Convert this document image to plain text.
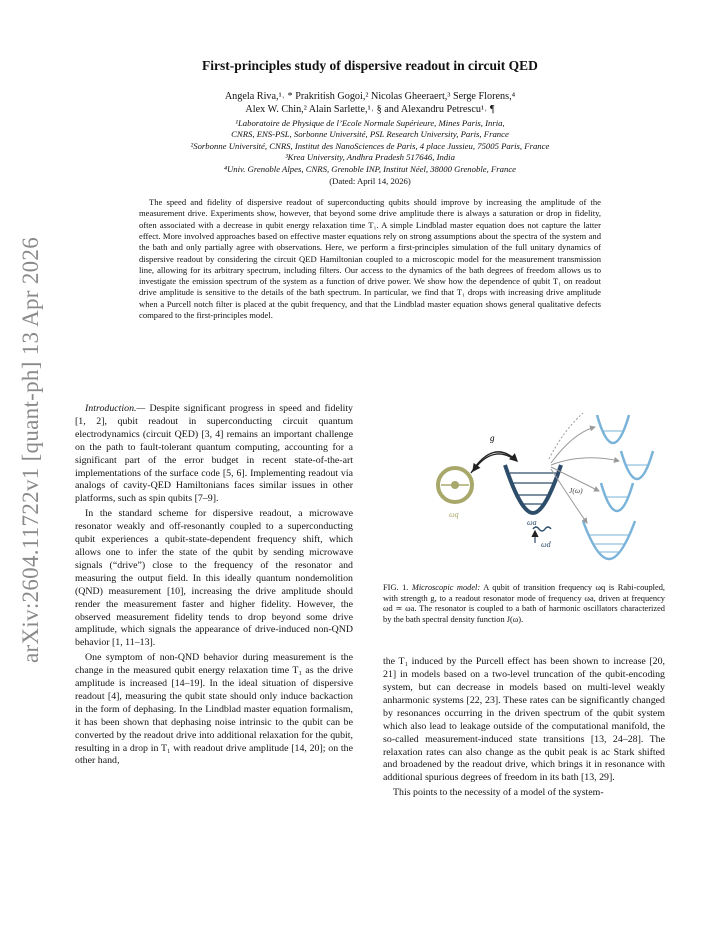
arXiv:2604.11722v1 [quant-ph] 13 Apr 2026
First-principles study of dispersive readout in circuit QED
Angela Riva,¹˒ * Prakritish Gogoi,² Nicolas Gheeraert,³ Serge Florens,⁴
Alex W. Chin,² Alain Sarlette,¹˒ § and Alexandru Petrescu¹˒ ¶
¹Laboratoire de Physique de l’Ecole Normale Supérieure, Mines Paris, Inria,
CNRS, ENS-PSL, Sorbonne Université, PSL Research University, Paris, France
²Sorbonne Université, CNRS, Institut des NanoSciences de Paris, 4 place Jussieu, 75005 Paris, France
³Krea University, Andhra Pradesh 517646, India
⁴Univ. Grenoble Alpes, CNRS, Grenoble INP, Institut Néel, 38000 Grenoble, France
(Dated: April 14, 2026)

The speed and fidelity of dispersive readout of superconducting qubits should improve by increasing the amplitude of the measurement drive. Experiments show, however, that beyond some drive amplitude there is always a saturation or drop in fidelity, often associated with a decrease in qubit energy relaxation time T₁. A simple Lindblad master equation does not capture the latter effect. More involved approaches based on effective master equations rely on strong assumptions about the spectra of the system and the bath and only partially agree with observations. Here, we perform a first-principles simulation of the full unitary dynamics of dispersive readout by considering the circuit QED Hamiltonian coupled to a microscopic model for the measurement transmission line, allowing for its arbitrary spectrum, including filters. Our access to the dynamics of the bath degrees of freedom allows us to investigate the emission spectrum of the system as a function of drive power. We show how the dependence of qubit T₁ on readout drive amplitude is sensitive to the details of the bath spectrum. In particular, we find that T₁ drops with increasing drive amplitude when a Purcell notch filter is placed at the qubit frequency, and that the Lindblad master equation shows general qualitative defects compared to the first-principles model.

Introduction.— Despite significant progress in speed and fidelity [1, 2], qubit readout in superconducting circuit quantum electrodynamics (circuit QED) [3, 4] remains an important challenge on the path to fault-tolerant quantum computing, accounting for a significant part of the error budget in recent state-of-the-art implementations of the surface code [5, 6]. Implementing readout via analogs of cavity-QED Hamiltonians faces similar issues in other platforms, such as spin qubits [7–9].

In the standard scheme for dispersive readout, a microwave resonator weakly and off-resonantly coupled to a superconducting qubit experiences a qubit-state-dependent frequency shift, which allows one to infer the state of the qubit by sending microwave signals (“drive”) close to the frequency of the resonator and measuring the output field. In this ideally quantum nondemolition (QND) measurement [10], increasing the drive amplitude should render the measurement faster and higher fidelity. However, the observed measurement fidelity tends to drop beyond some drive amplitude, which signals the appearance of drive-induced non-QND behavior [1, 11–13].

One symptom of non-QND behavior during measurement is the change in the measured qubit energy relaxation time T₁ as the drive amplitude is increased [14–19]. In the ideal situation of dispersive readout [4], measuring the qubit state should only induce backaction in the form of dephasing. In the Lindblad master equation formalism, it has been shown that dephasing noise intrinsic to the qubit can be converted by the readout drive into additional relaxation for the qubit, resulting in a drop in T₁ with readout drive amplitude [14, 20]; on the other hand,

ωq
g
ωa
ωd
J(ω)

FIG. 1. Microscopic model: A qubit of transition frequency ωq is Rabi-coupled, with strength g, to a readout resonator mode of frequency ωa, driven at frequency ωd ≃ ωa. The resonator is coupled to a bath of harmonic oscillators characterized by the bath spectral density function J(ω).

the T₁ induced by the Purcell effect has been shown to increase [20, 21] in models based on a two-level truncation of the qubit-encoding system, but can decrease in models based on multi-level weakly anharmonic systems [22, 23]. These rates can be significantly changed by resonances occurring in the driven spectrum of the qubit system which also lead to leakage outside of the computational manifold, the so-called measurement-induced state transitions [13, 24–28]. The relaxation rates can also change as the qubit peak is ac Stark shifted and broadened by the readout drive, which brings it in resonance with additional spurious degrees of freedom in its bath [13, 29].

This points to the necessity of a model of the system-
